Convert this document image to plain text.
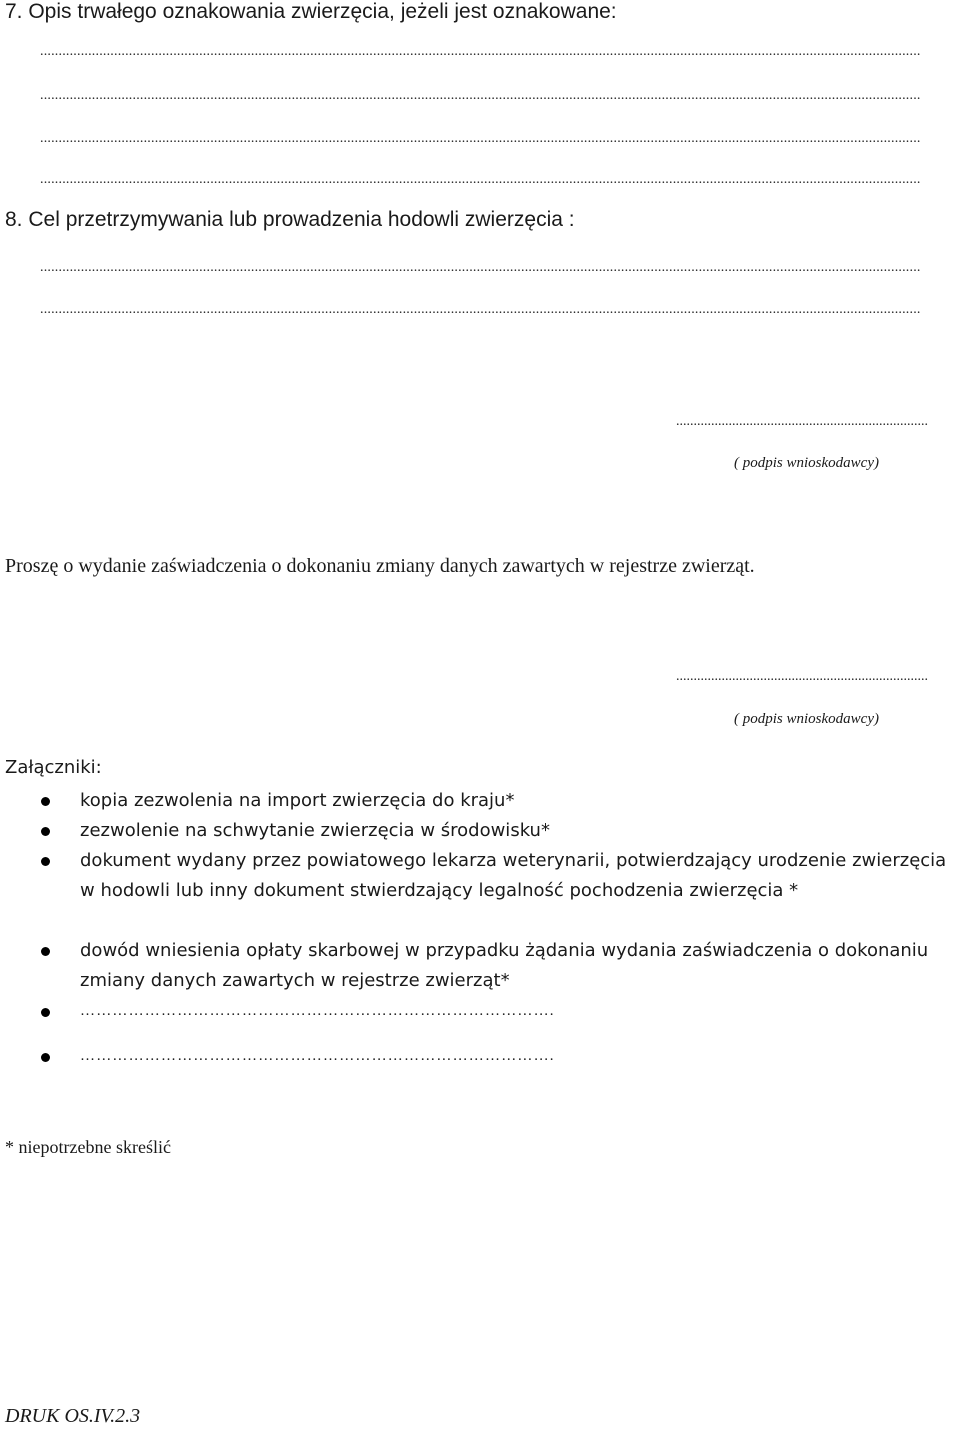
7. Opis trwałego oznakowania zwierzęcia, jeżeli jest oznakowane:
..............................................................................................................................................................................................................................................
..............................................................................................................................................................................................................................................
..............................................................................................................................................................................................................................................
..............................................................................................................................................................................................................................................
8. Cel przetrzymywania lub prowadzenia hodowli zwierzęcia :
..............................................................................................................................................................................................................................................
..............................................................................................................................................................................................................................................
........................................................................
( podpis wnioskodawcy)
Proszę o wydanie zaświadczenia o dokonaniu zmiany danych zawartych w rejestrze zwierząt.
........................................................................
( podpis wnioskodawcy)
Załączniki:
kopia zezwolenia na import zwierzęcia do kraju*
zezwolenie na schwytanie zwierzęcia w środowisku*
dokument wydany przez powiatowego lekarza weterynarii, potwierdzający urodzenie zwierzęcia w hodowli lub inny dokument stwierdzający legalność pochodzenia zwierzęcia *
dowód wniesienia opłaty skarbowej w przypadku żądania wydania zaświadczenia o dokonaniu zmiany danych zawartych w rejestrze zwierząt*
…………………………………………………………………………….
…………………………………………………………………………….
* niepotrzebne skreślić
DRUK OS.IV.2.3
